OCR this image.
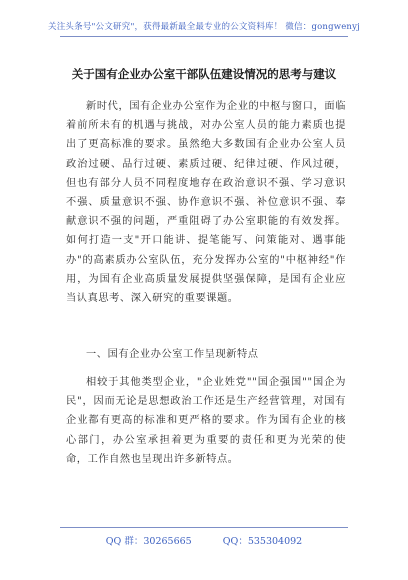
关注头条号"公文研究"，获得最新最全最专业的公文资料库！ 微信：gongwenyj
关于国有企业办公室干部队伍建设情况的思考与建议

新时代，国有企业办公室作为企业的中枢与窗口，面临着前所未有的机遇与挑战，对办公室人员的能力素质也提出了更高标准的要求。虽然绝大多数国有企业办公室人员政治过硬、品行过硬、素质过硬、纪律过硬、作风过硬，但也有部分人员不同程度地存在政治意识不强、学习意识不强、质量意识不强、协作意识不强、补位意识不强、奉献意识不强的问题，严重阻碍了办公室职能的有效发挥。如何打造一支"开口能讲、提笔能写、问策能对、遇事能办"的高素质办公室队伍，充分发挥办公室的"中枢神经"作用，为国有企业高质量发展提供坚强保障，是国有企业应当认真思考、深入研究的重要课题。

一、国有企业办公室工作呈现新特点

相较于其他类型企业，"企业姓党""国企强国""国企为民"，因而无论是思想政治工作还是生产经营管理，对国有企业都有更高的标准和更严格的要求。作为国有企业的核心部门，办公室承担着更为重要的责任和更为光荣的使命，工作自然也呈现出许多新特点。

QQ 群：30265665	QQ：535304092
